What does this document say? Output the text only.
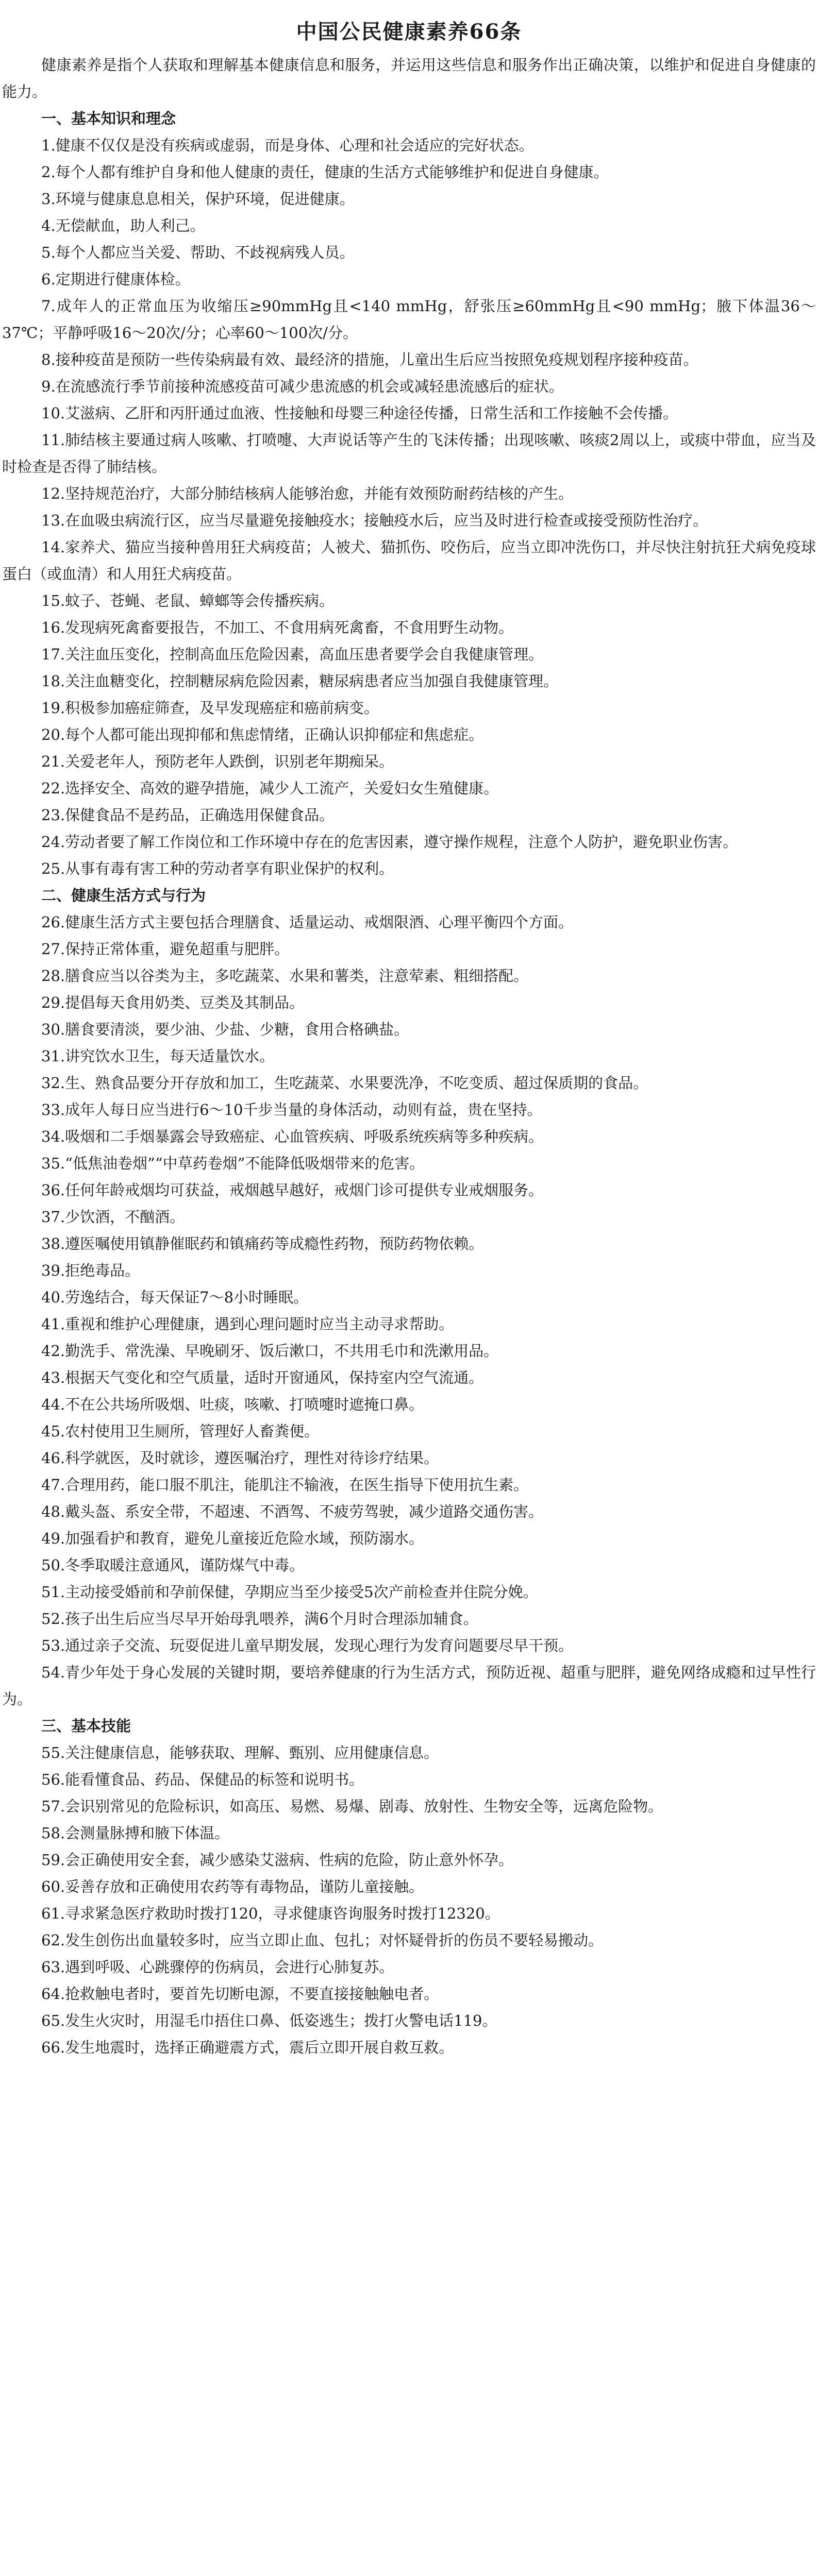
中国公民健康素养66条

健康素养是指个人获取和理解基本健康信息和服务，并运用这些信息和服务作出正确决策，以维护和促进自身健康的能力。

一、基本知识和理念

1.健康不仅仅是没有疾病或虚弱，而是身体、心理和社会适应的完好状态。

2.每个人都有维护自身和他人健康的责任，健康的生活方式能够维护和促进自身健康。

3.环境与健康息息相关，保护环境，促进健康。

4.无偿献血，助人利己。

5.每个人都应当关爱、帮助、不歧视病残人员。

6.定期进行健康体检。

7.成年人的正常血压为收缩压≥90mmHg且<140 mmHg，舒张压≥60mmHg且<90 mmHg；腋下体温36～37℃；平静呼吸16～20次/分；心率60～100次/分。

8.接种疫苗是预防一些传染病最有效、最经济的措施，儿童出生后应当按照免疫规划程序接种疫苗。

9.在流感流行季节前接种流感疫苗可减少患流感的机会或减轻患流感后的症状。

10.艾滋病、乙肝和丙肝通过血液、性接触和母婴三种途径传播，日常生活和工作接触不会传播。

11.肺结核主要通过病人咳嗽、打喷嚏、大声说话等产生的飞沫传播；出现咳嗽、咳痰2周以上，或痰中带血，应当及时检查是否得了肺结核。

12.坚持规范治疗，大部分肺结核病人能够治愈，并能有效预防耐药结核的产生。

13.在血吸虫病流行区，应当尽量避免接触疫水；接触疫水后，应当及时进行检查或接受预防性治疗。

14.家养犬、猫应当接种兽用狂犬病疫苗；人被犬、猫抓伤、咬伤后，应当立即冲洗伤口，并尽快注射抗狂犬病免疫球蛋白（或血清）和人用狂犬病疫苗。

15.蚊子、苍蝇、老鼠、蟑螂等会传播疾病。

16.发现病死禽畜要报告，不加工、不食用病死禽畜，不食用野生动物。

17.关注血压变化，控制高血压危险因素，高血压患者要学会自我健康管理。

18.关注血糖变化，控制糖尿病危险因素，糖尿病患者应当加强自我健康管理。

19.积极参加癌症筛查，及早发现癌症和癌前病变。

20.每个人都可能出现抑郁和焦虑情绪，正确认识抑郁症和焦虑症。

21.关爱老年人，预防老年人跌倒，识别老年期痴呆。

22.选择安全、高效的避孕措施，减少人工流产，关爱妇女生殖健康。

23.保健食品不是药品，正确选用保健食品。

24.劳动者要了解工作岗位和工作环境中存在的危害因素，遵守操作规程，注意个人防护，避免职业伤害。

25.从事有毒有害工种的劳动者享有职业保护的权利。

二、健康生活方式与行为

26.健康生活方式主要包括合理膳食、适量运动、戒烟限酒、心理平衡四个方面。

27.保持正常体重，避免超重与肥胖。

28.膳食应当以谷类为主，多吃蔬菜、水果和薯类，注意荤素、粗细搭配。

29.提倡每天食用奶类、豆类及其制品。

30.膳食要清淡，要少油、少盐、少糖，食用合格碘盐。

31.讲究饮水卫生，每天适量饮水。

32.生、熟食品要分开存放和加工，生吃蔬菜、水果要洗净，不吃变质、超过保质期的食品。

33.成年人每日应当进行6～10千步当量的身体活动，动则有益，贵在坚持。

34.吸烟和二手烟暴露会导致癌症、心血管疾病、呼吸系统疾病等多种疾病。

35.“低焦油卷烟”“中草药卷烟”不能降低吸烟带来的危害。

36.任何年龄戒烟均可获益，戒烟越早越好，戒烟门诊可提供专业戒烟服务。

37.少饮酒，不酗酒。

38.遵医嘱使用镇静催眠药和镇痛药等成瘾性药物，预防药物依赖。

39.拒绝毒品。

40.劳逸结合，每天保证7～8小时睡眠。

41.重视和维护心理健康，遇到心理问题时应当主动寻求帮助。

42.勤洗手、常洗澡、早晚刷牙、饭后漱口，不共用毛巾和洗漱用品。

43.根据天气变化和空气质量，适时开窗通风，保持室内空气流通。

44.不在公共场所吸烟、吐痰，咳嗽、打喷嚏时遮掩口鼻。

45.农村使用卫生厕所，管理好人畜粪便。

46.科学就医，及时就诊，遵医嘱治疗，理性对待诊疗结果。

47.合理用药，能口服不肌注，能肌注不输液，在医生指导下使用抗生素。

48.戴头盔、系安全带，不超速、不酒驾、不疲劳驾驶，减少道路交通伤害。

49.加强看护和教育，避免儿童接近危险水域，预防溺水。

50.冬季取暖注意通风，谨防煤气中毒。

51.主动接受婚前和孕前保健，孕期应当至少接受5次产前检查并住院分娩。

52.孩子出生后应当尽早开始母乳喂养，满6个月时合理添加辅食。

53.通过亲子交流、玩耍促进儿童早期发展，发现心理行为发育问题要尽早干预。

54.青少年处于身心发展的关键时期，要培养健康的行为生活方式，预防近视、超重与肥胖，避免网络成瘾和过早性行为。

三、基本技能

55.关注健康信息，能够获取、理解、甄别、应用健康信息。

56.能看懂食品、药品、保健品的标签和说明书。

57.会识别常见的危险标识，如高压、易燃、易爆、剧毒、放射性、生物安全等，远离危险物。

58.会测量脉搏和腋下体温。

59.会正确使用安全套，减少感染艾滋病、性病的危险，防止意外怀孕。

60.妥善存放和正确使用农药等有毒物品，谨防儿童接触。

61.寻求紧急医疗救助时拨打120，寻求健康咨询服务时拨打12320。

62.发生创伤出血量较多时，应当立即止血、包扎；对怀疑骨折的伤员不要轻易搬动。

63.遇到呼吸、心跳骤停的伤病员，会进行心肺复苏。

64.抢救触电者时，要首先切断电源，不要直接接触触电者。

65.发生火灾时，用湿毛巾捂住口鼻、低姿逃生；拨打火警电话119。

66.发生地震时，选择正确避震方式，震后立即开展自救互救。
